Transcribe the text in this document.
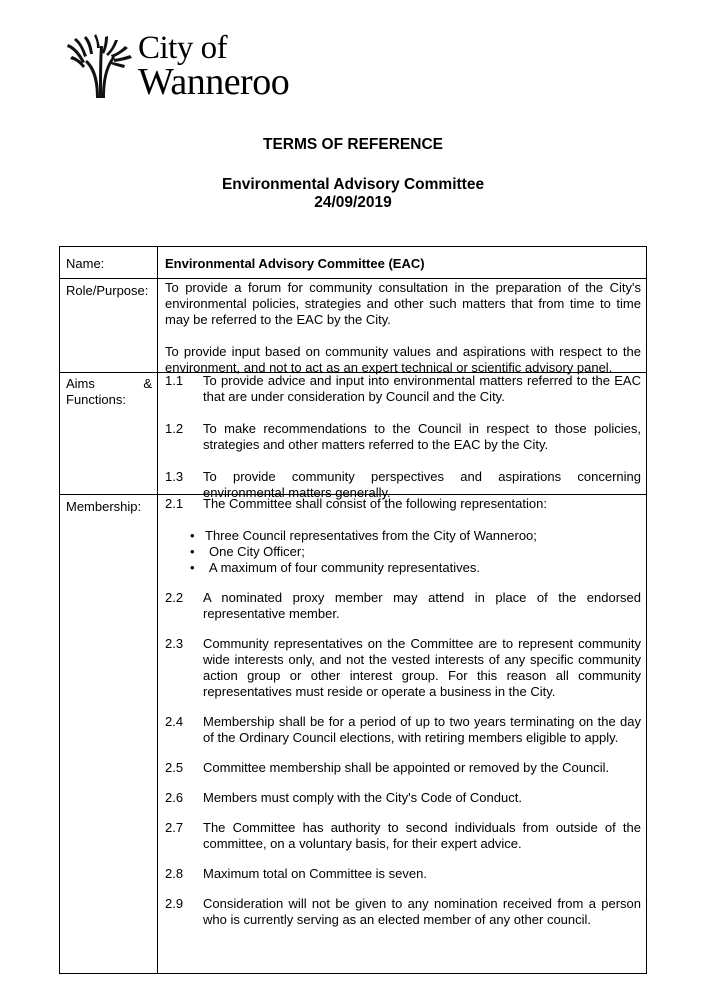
City of
Wanneroo
TERMS OF REFERENCE
Environmental Advisory Committee
24/09/2019
Name:	Environmental Advisory Committee (EAC)
Role/Purpose: To provide a forum for community consultation in the preparation of the City's environmental policies, strategies and other such matters that from time to time may be referred to the EAC by the City.

To provide input based on community values and aspirations with respect to the environment, and not to act as an expert technical or scientific advisory panel.

Aims	&
Functions:
1.1 To provide advice and input into environmental matters referred to the EAC that are under consideration by Council and the City.
1.2 To make recommendations to the Council in respect to those policies, strategies and other matters referred to the EAC by the City.
1.3 To provide community perspectives and aspirations concerning environmental matters generally.
Membership: 2.1 The Committee shall consist of the following representation:
• Three Council representatives from the City of Wanneroo;
• One City Officer;
• A maximum of four community representatives.
2.2 A nominated proxy member may attend in place of the endorsed representative member.
2.3 Community representatives on the Committee are to represent community wide interests only, and not the vested interests of any specific community action group or other interest group. For this reason all community representatives must reside or operate a business in the City.
2.4 Membership shall be for a period of up to two years terminating on the day of the Ordinary Council elections, with retiring members eligible to apply.
2.5 Committee membership shall be appointed or removed by the Council.
2.6 Members must comply with the City's Code of Conduct.
2.7 The Committee has authority to second individuals from outside of the committee, on a voluntary basis, for their expert advice.
2.8 Maximum total on Committee is seven.
2.9 Consideration will not be given to any nomination received from a person who is currently serving as an elected member of any other council.
